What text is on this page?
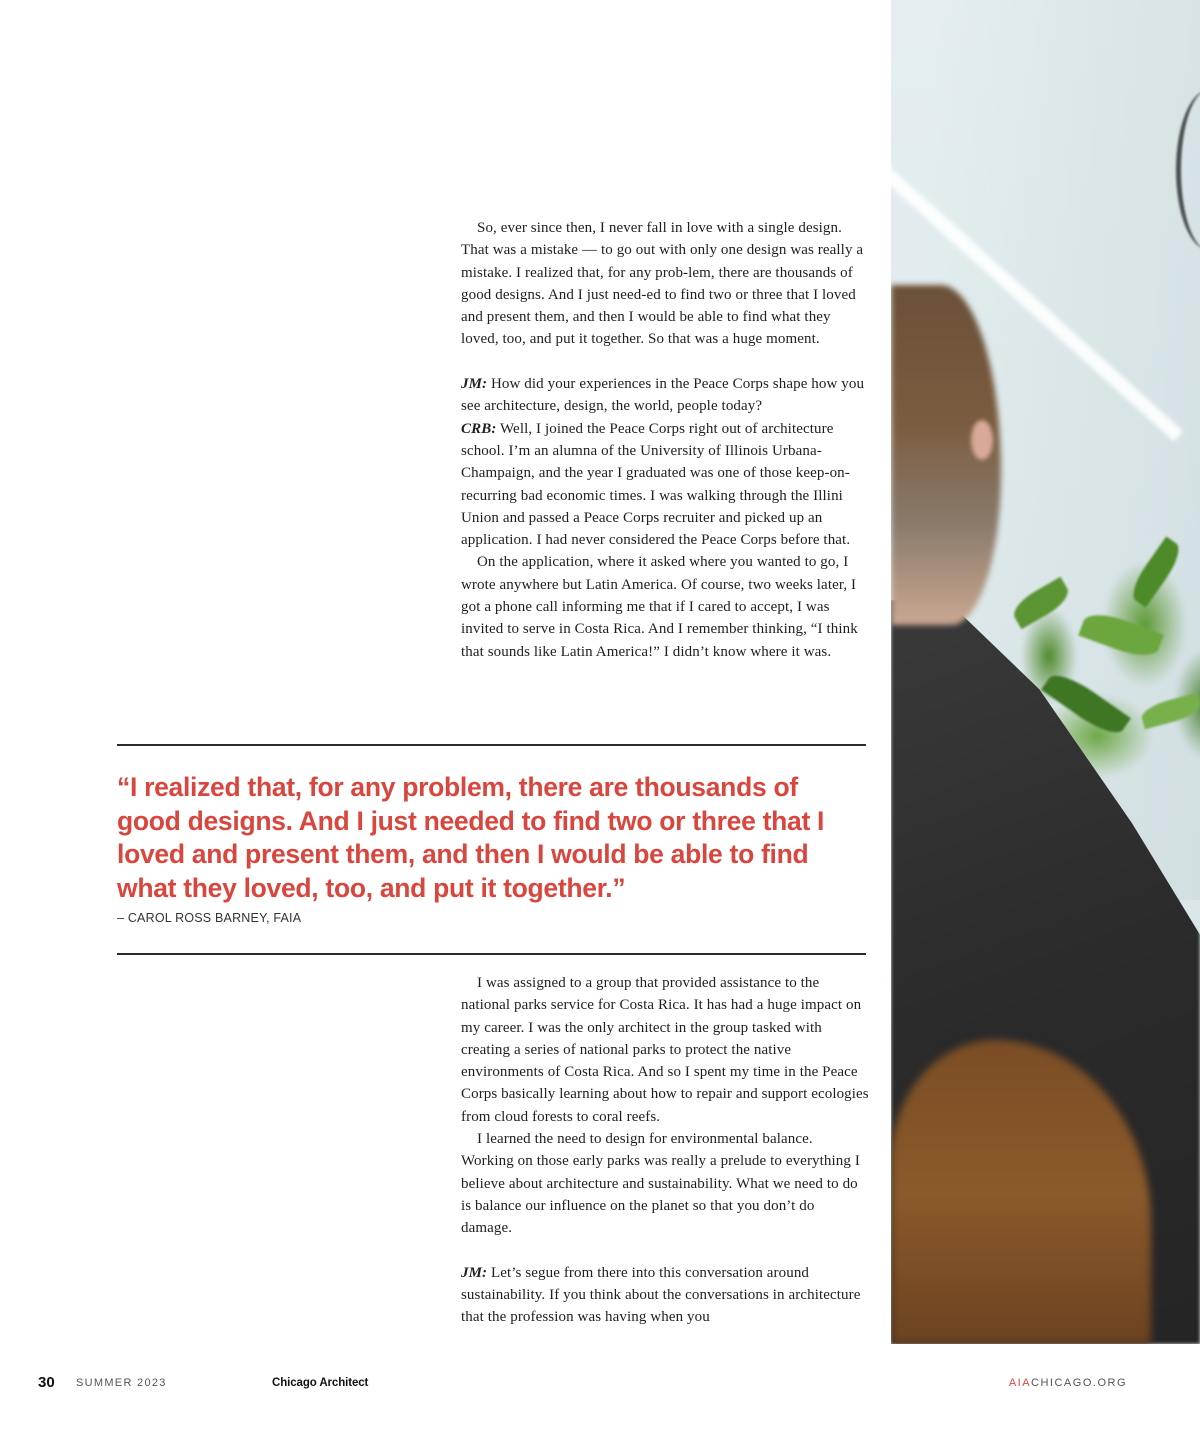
So, ever since then, I never fall in love with a single design. That was a mistake — to go out with only one design was really a mistake. I realized that, for any prob-lem, there are thousands of good designs. And I just need-ed to find two or three that I loved and present them, and then I would be able to find what they loved, too, and put it together. So that was a huge moment.

JM: How did your experiences in the Peace Corps shape how you see architecture, design, the world, people today?

CRB: Well, I joined the Peace Corps right out of architecture school. I’m an alumna of the University of Illinois Urbana-Champaign, and the year I graduated was one of those keep-on-recurring bad economic times. I was walking through the Illini Union and passed a Peace Corps recruiter and picked up an application. I had never considered the Peace Corps before that.

On the application, where it asked where you wanted to go, I wrote anywhere but Latin America. Of course, two weeks later, I got a phone call informing me that if I cared to accept, I was invited to serve in Costa Rica. And I remember thinking, “I think that sounds like Latin America!” I didn’t know where it was.

“I realized that, for any problem, there are thousands of good designs. And I just needed to find two or three that I loved and present them, and then I would be able to find what they loved, too, and put it together.”
– CAROL ROSS BARNEY, FAIA

I was assigned to a group that provided assistance to the national parks service for Costa Rica. It has had a huge impact on my career. I was the only architect in the group tasked with creating a series of national parks to protect the native environments of Costa Rica. And so I spent my time in the Peace Corps basically learning about how to repair and support ecologies from cloud forests to coral reefs.

I learned the need to design for environmental balance. Working on those early parks was really a prelude to everything I believe about architecture and sustainability. What we need to do is balance our influence on the planet so that you don’t do damage.

JM: Let’s segue from there into this conversation around sustainability. If you think about the conversations in architecture that the profession was having when you

30 SUMMER 2023	Chicago Architect	AIACHICAGO.ORG
